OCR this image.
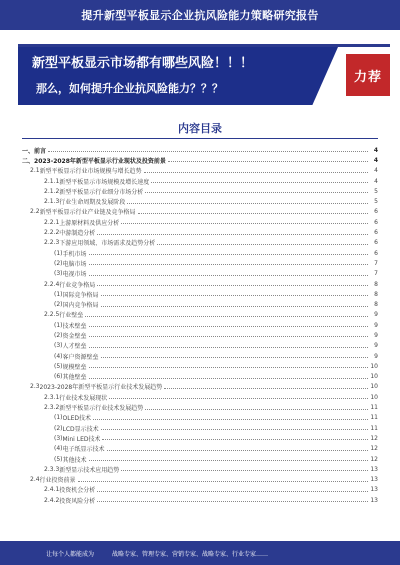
提升新型平板显示企业抗风险能力策略研究报告
新型平板显示市场都有哪些风险！！！
那么，如何提升企业抗风险能力？？？
力荐
内容目录
一、 前言	4
二、 2023-2028年新型平板显示行业现状及投资前景	4
2.1 新型平板显示行业市场规模与增长趋势	4
2.1.1 新型平板显示市场规模及增长速度	4
2.1.2 新型平板显示行业细分市场分析	5
2.1.3 行业生命周期及发展阶段	5
2.2 新型平板显示行业产业链及竞争格局	6
2.2.1 上游原材料及供应分析	6
2.2.2 中游制造分析	6
2.2.3 下游应用领域、市场需求及趋势分析	6
(1) 手机市场	6
(2) 电脑市场	7
(3) 电视市场	7
2.2.4 行业竞争格局	8
(1) 国际竞争格局	8
(2) 国内竞争格局	8
2.2.5 行业壁垒	9
(1) 技术壁垒	9
(2) 资金壁垒	9
(3) 人才壁垒	9
(4) 客户资源壁垒	9
(5) 规模壁垒	10
(6) 其他壁垒	10
2.3 2023-2028年新型平板显示行业技术发展趋势	10
2.3.1 行业技术发展现状	10
2.3.2 新型平板显示行业技术发展趋势	11
(1) OLED技术	11
(2) LCD显示技术	11
(3) Mini LED技术	12
(4) 电子纸显示技术	12
(5) 其他技术	12
2.3.3 新型显示技术应用趋势	13
2.4 行业投资前景	13
2.4.1 投资机会分析	13
2.4.2 投资风险分析	13
让每个人都能成为	战略专家、管理专家、营销专家、战略专家、行业专家……
